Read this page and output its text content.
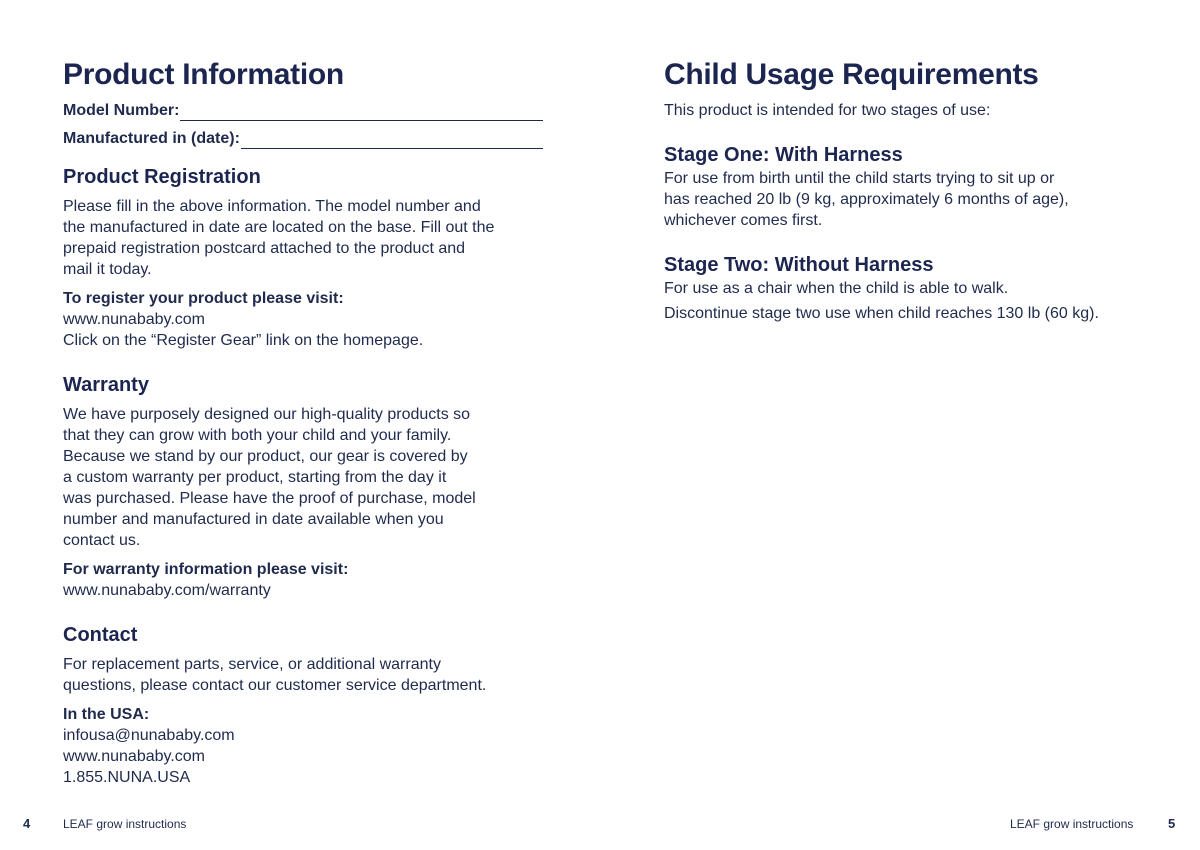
Product Information
Model Number:
Manufactured in (date):
Product Registration

Please fill in the above information. The model number and

the manufactured in date are located on the base. Fill out the

prepaid registration postcard attached to the product and

mail it today.

To register your product please visit:

www.nunababy.com

Click on the “Register Gear” link on the homepage.

Warranty

We have purposely designed our high-quality products so

that they can grow with both your child and your family.

Because we stand by our product, our gear is covered by

a custom warranty per product, starting from the day it

was purchased. Please have the proof of purchase, model

number and manufactured in date available when you

contact us.

For warranty information please visit:

www.nunababy.com/warranty

Contact

For replacement parts, service, or additional warranty

questions, please contact our customer service department.

In the USA:

infousa@nunababy.com

www.nunababy.com

1.855.NUNA.USA

Child Usage Requirements

This product is intended for two stages of use:

Stage One: With Harness

For use from birth until the child starts trying to sit up or

has reached 20 lb (9 kg, approximately 6 months of age),

whichever comes first.

Stage Two: Without Harness

For use as a chair when the child is able to walk.

Discontinue stage two use when child reaches 130 lb (60 kg).

4	LEAF grow instructions	LEAF grow instructions	5
